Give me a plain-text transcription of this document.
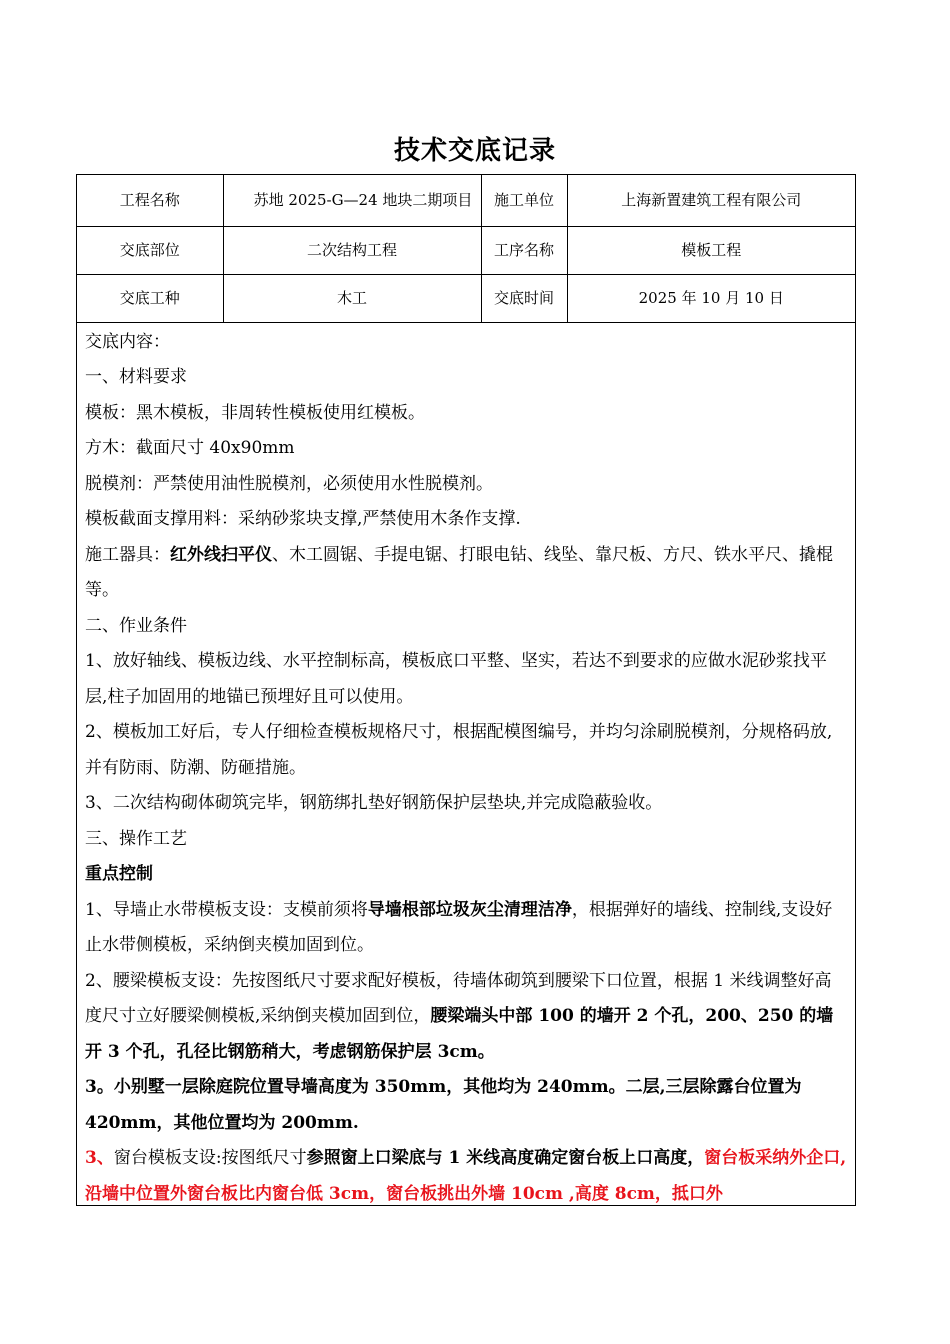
技术交底记录
工程名称	苏地 2025-G—24 地块二期项目	施工单位	上海新置建筑工程有限公司
交底部位	二次结构工程	工序名称	模板工程
交底工种	木工	交底时间	2025 年 10 月 10 日

交底内容：

一、材料要求

模板：黑木模板，非周转性模板使用红模板。

方木：截面尺寸 40x90mm

脱模剂：严禁使用油性脱模剂，必须使用水性脱模剂。

模板截面支撑用料：采纳砂浆块支撑,严禁使用木条作支撑.

施工器具：红外线扫平仪、木工圆锯、手提电锯、打眼电钻、线坠、靠尺板、方尺、铁水平尺、撬棍等。

二、作业条件

1、放好轴线、模板边线、水平控制标高，模板底口平整、坚实，若达不到要求的应做水泥砂浆找平层,柱子加固用的地锚已预埋好且可以使用。

2、模板加工好后，专人仔细检查模板规格尺寸，根据配模图编号，并均匀涂刷脱模剂，分规格码放,并有防雨、防潮、防砸措施。

3、二次结构砌体砌筑完毕，钢筋绑扎垫好钢筋保护层垫块,并完成隐蔽验收。

三、操作工艺

重点控制

1、导墙止水带模板支设：支模前须将导墙根部垃圾灰尘清理洁净，根据弹好的墙线、控制线,支设好止水带侧模板，采纳倒夹模加固到位。

2、腰梁模板支设：先按图纸尺寸要求配好模板，待墙体砌筑到腰梁下口位置，根据 1 米线调整好高度尺寸立好腰梁侧模板,采纳倒夹模加固到位，腰梁端头中部 100 的墙开 2 个孔，200、250 的墙开 3 个孔，孔径比钢筋稍大，考虑钢筋保护层 3cm。

3。小别墅一层除庭院位置导墙高度为 350mm，其他均为 240mm。二层,三层除露台位置为 420mm，其他位置均为 200mm.

3、窗台模板支设:按图纸尺寸参照窗上口梁底与 1 米线高度确定窗台板上口高度，窗台板采纳外企口,沿墙中位置外窗台板比内窗台低 3cm，窗台板挑出外墙 10cm ,高度 8cm，抵口外
